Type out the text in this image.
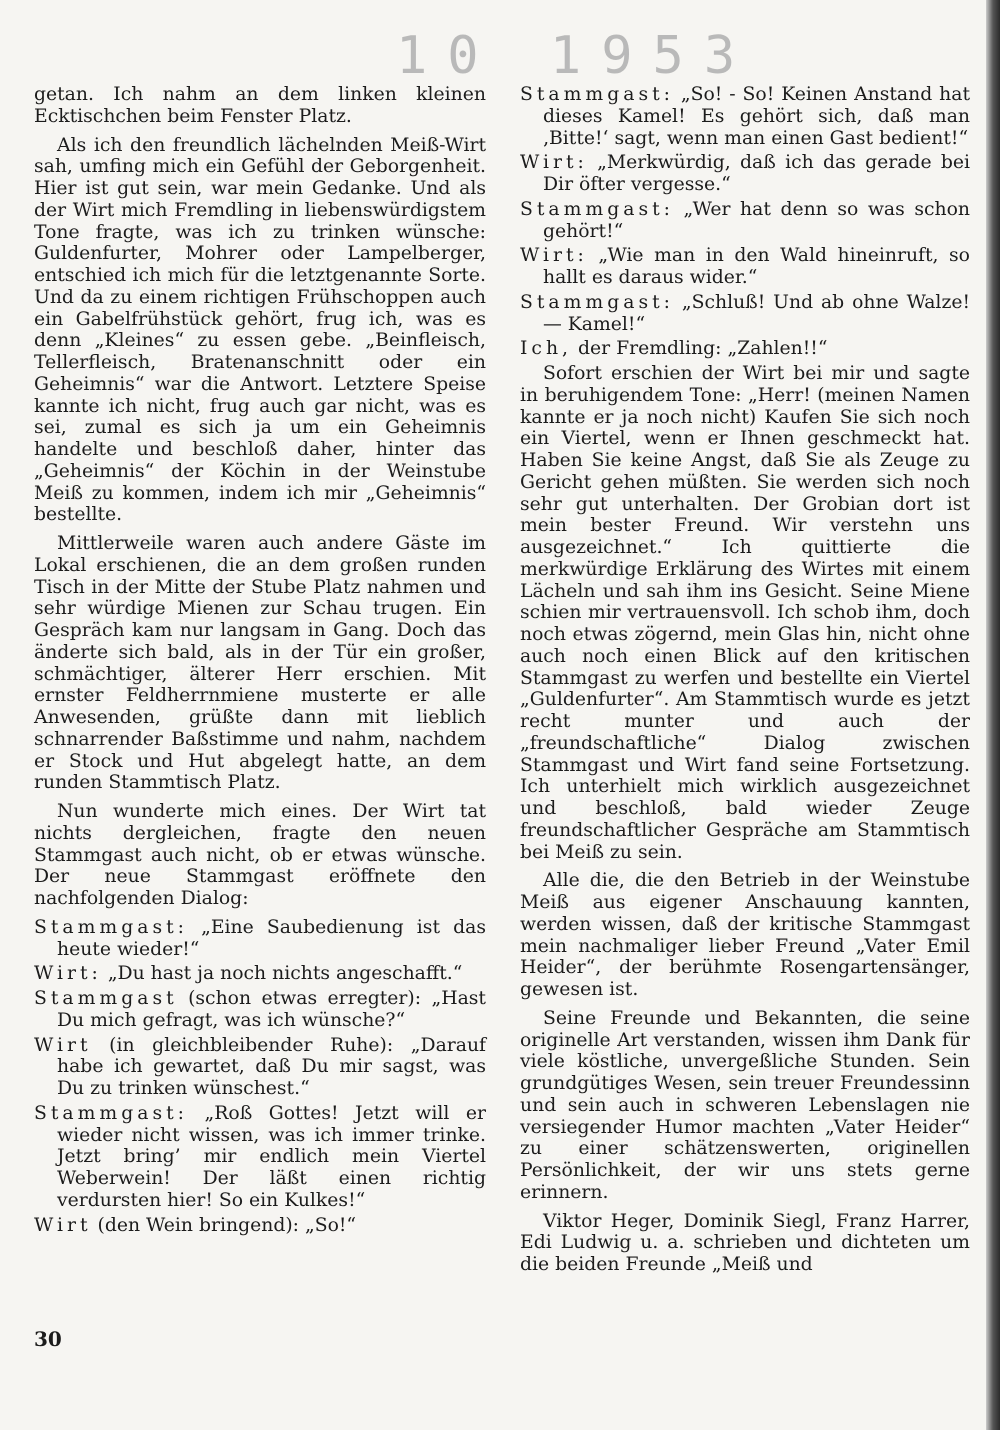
10 1953

getan. Ich nahm an dem linken kleinen Ecktischchen beim Fenster Platz.

Als ich den freundlich lächelnden Meiß-Wirt sah, umfing mich ein Gefühl der Geborgenheit. Hier ist gut sein, war mein Gedanke. Und als der Wirt mich Fremdling in liebenswürdigstem Tone fragte, was ich zu trinken wünsche: Guldenfurter, Mohrer oder Lampelberger, entschied ich mich für die letztgenannte Sorte. Und da zu einem richtigen Frühschoppen auch ein Gabelfrühstück gehört, frug ich, was es denn „Kleines“ zu essen gebe. „Beinfleisch, Tellerfleisch, Bratenanschnitt oder ein Geheimnis“ war die Antwort. Letztere Speise kannte ich nicht, frug auch gar nicht, was es sei, zumal es sich ja um ein Geheimnis handelte und beschloß daher, hinter das „Geheimnis“ der Köchin in der Weinstube Meiß zu kommen, indem ich mir „Geheimnis“ bestellte.

Mittlerweile waren auch andere Gäste im Lokal erschienen, die an dem großen runden Tisch in der Mitte der Stube Platz nahmen und sehr würdige Mienen zur Schau trugen. Ein Gespräch kam nur langsam in Gang. Doch das änderte sich bald, als in der Tür ein großer, schmächtiger, älterer Herr erschien. Mit ernster Feldherrnmiene musterte er alle Anwesenden, grüßte dann mit lieblich schnarrender Baßstimme und nahm, nachdem er Stock und Hut abgelegt hatte, an dem runden Stammtisch Platz.

Nun wunderte mich eines. Der Wirt tat nichts dergleichen, fragte den neuen Stammgast auch nicht, ob er etwas wünsche. Der neue Stammgast eröffnete den nachfolgenden Dialog:

Stammgast: „Eine Saubedienung ist das heute wieder!“

Wirt: „Du hast ja noch nichts angeschafft.“

Stammgast (schon etwas erregter): „Hast Du mich gefragt, was ich wünsche?“

Wirt (in gleichbleibender Ruhe): „Darauf habe ich gewartet, daß Du mir sagst, was Du zu trinken wünschest.“

Stammgast: „Roß Gottes! Jetzt will er wieder nicht wissen, was ich immer trinke. Jetzt bring’ mir endlich mein Viertel Weberwein! Der läßt einen richtig verdursten hier! So ein Kulkes!“

Wirt (den Wein bringend): „So!“

Stammgast: „So! - So! Keinen Anstand hat dieses Kamel! Es gehört sich, daß man ‚Bitte!‘ sagt, wenn man einen Gast bedient!“

Wirt: „Merkwürdig, daß ich das gerade bei Dir öfter vergesse.“

Stammgast: „Wer hat denn so was schon gehört!“

Wirt: „Wie man in den Wald hineinruft, so hallt es daraus wider.“

Stammgast: „Schluß! Und ab ohne Walze! — Kamel!“

Ich, der Fremdling: „Zahlen!!“

Sofort erschien der Wirt bei mir und sagte in beruhigendem Tone: „Herr! (meinen Namen kannte er ja noch nicht) Kaufen Sie sich noch ein Viertel, wenn er Ihnen geschmeckt hat. Haben Sie keine Angst, daß Sie als Zeuge zu Gericht gehen müßten. Sie werden sich noch sehr gut unterhalten. Der Grobian dort ist mein bester Freund. Wir verstehn uns ausgezeichnet.“ Ich quittierte die merkwürdige Erklärung des Wirtes mit einem Lächeln und sah ihm ins Gesicht. Seine Miene schien mir vertrauensvoll. Ich schob ihm, doch noch etwas zögernd, mein Glas hin, nicht ohne auch noch einen Blick auf den kritischen Stammgast zu werfen und bestellte ein Viertel „Guldenfurter“. Am Stammtisch wurde es jetzt recht munter und auch der „freundschaftliche“ Dialog zwischen Stammgast und Wirt fand seine Fortsetzung. Ich unterhielt mich wirklich ausgezeichnet und beschloß, bald wieder Zeuge freundschaftlicher Gespräche am Stammtisch bei Meiß zu sein.

Alle die, die den Betrieb in der Weinstube Meiß aus eigener Anschauung kannten, werden wissen, daß der kritische Stammgast mein nachmaliger lieber Freund „Vater Emil Heider“, der berühmte Rosengartensänger, gewesen ist.

Seine Freunde und Bekannten, die seine originelle Art verstanden, wissen ihm Dank für viele köstliche, unvergeßliche Stunden. Sein grundgütiges Wesen, sein treuer Freundessinn und sein auch in schweren Lebenslagen nie versiegender Humor machten „Vater Heider“ zu einer schätzenswerten, originellen Persönlichkeit, der wir uns stets gerne erinnern.

Viktor Heger, Dominik Siegl, Franz Harrer, Edi Ludwig u. a. schrieben und dichteten um die beiden Freunde „Meiß und

30
